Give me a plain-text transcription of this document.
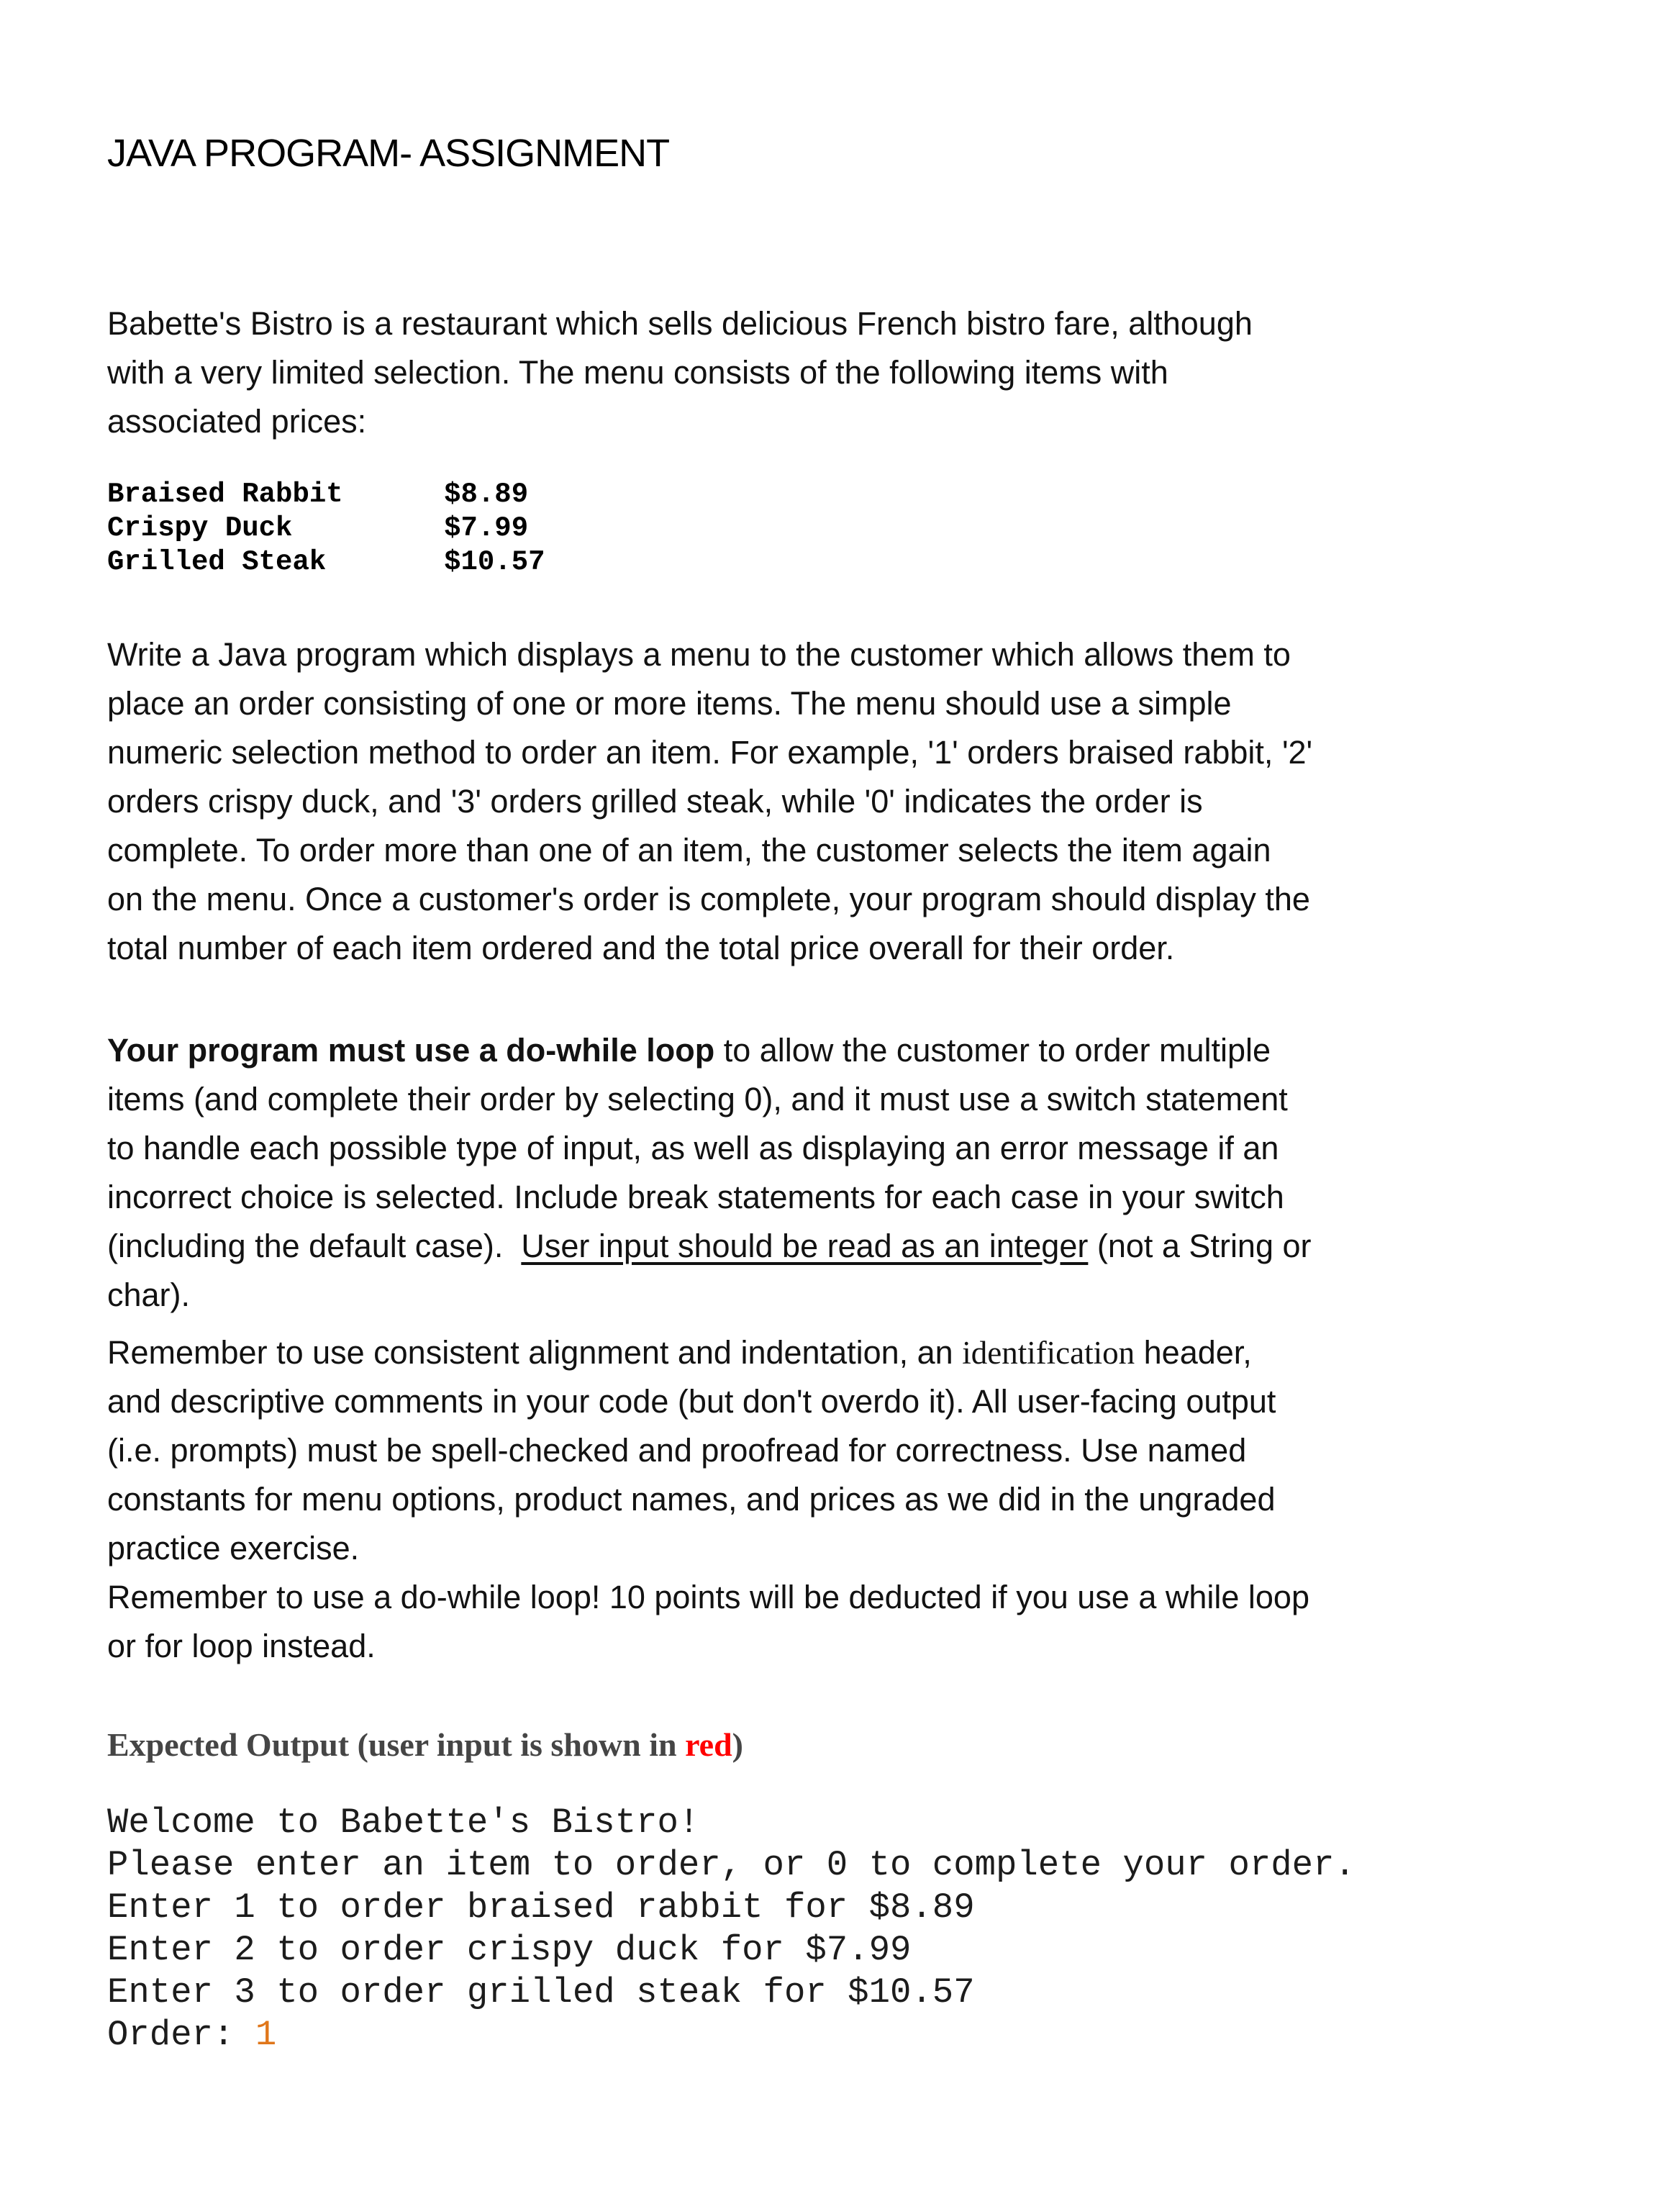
JAVA PROGRAM- ASSIGNMENT
Babette's Bistro is a restaurant which sells delicious French bistro fare, although
with a very limited selection. The menu consists of the following items with
associated prices:
Braised Rabbit      $8.89
Crispy Duck         $7.99
Grilled Steak       $10.57
Write a Java program which displays a menu to the customer which allows them to
place an order consisting of one or more items. The menu should use a simple
numeric selection method to order an item. For example, '1' orders braised rabbit, '2'
orders crispy duck, and '3' orders grilled steak, while '0' indicates the order is
complete. To order more than one of an item, the customer selects the item again
on the menu. Once a customer's order is complete, your program should display the
total number of each item ordered and the total price overall for their order.
Your program must use a do-while loop to allow the customer to order multiple
items (and complete their order by selecting 0), and it must use a switch statement
to handle each possible type of input, as well as displaying an error message if an
incorrect choice is selected. Include break statements for each case in your switch
(including the default case).  User input should be read as an integer (not a String or
char).
Remember to use consistent alignment and indentation, an identification header,
and descriptive comments in your code (but don't overdo it). All user-facing output
(i.e. prompts) must be spell-checked and proofread for correctness. Use named
constants for menu options, product names, and prices as we did in the ungraded
practice exercise.
Remember to use a do-while loop! 10 points will be deducted if you use a while loop
or for loop instead.
Expected Output (user input is shown in red)
Welcome to Babette's Bistro!
Please enter an item to order, or 0 to complete your order.
Enter 1 to order braised rabbit for $8.89
Enter 2 to order crispy duck for $7.99
Enter 3 to order grilled steak for $10.57
Order: 1
